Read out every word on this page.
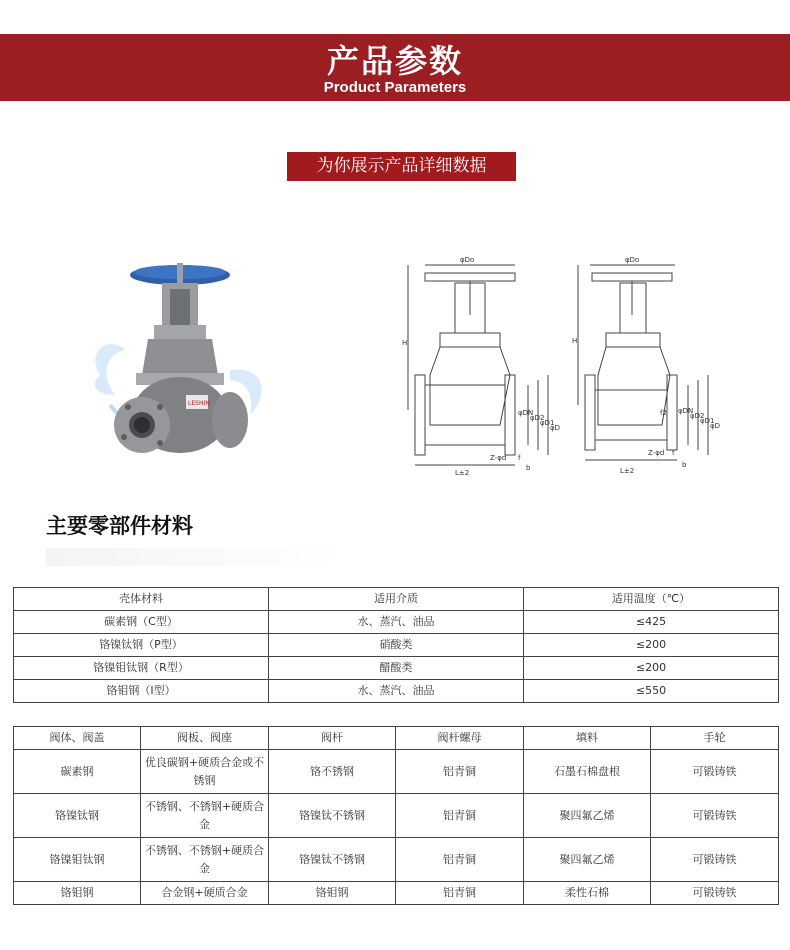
产品参数
Product Parameters
为你展示产品详细数据
LESHIN
φDo
H
φDN
φD2
φD1
φD
L±2
Z-φd f
b
φDo
H
φDN
φD2
φD1
φD
L±2
Z-φd f
f2
b
主要零部件材料
壳体材料	适用介质	适用温度（℃）
碳素钢（C型）	水、蒸汽、油品	≤425
铬镍钛钢（P型）	硝酸类	≤200
铬镍钼钛钢（R型）	醋酸类	≤200
铬钼钢（I型）	水、蒸汽、油品	≤550
阀体、阀盖	阀板、阀座	阀杆	阀杆螺母	填料	手轮
碳素钢	优良碳钢+硬质合金或不锈钢	铬不锈钢	铝青铜	石墨石棉盘根	可锻铸铁
铬镍钛钢	不锈钢、不锈钢+硬质合金	铬镍钛不锈钢	铝青铜	聚四氟乙烯	可锻铸铁
铬镍钼钛钢	不锈钢、不锈钢+硬质合金	铬镍钛不锈钢	铝青铜	聚四氟乙烯	可锻铸铁
铬钼钢	合金钢+硬质合金	铬钼钢	铝青铜	柔性石棉	可锻铸铁
